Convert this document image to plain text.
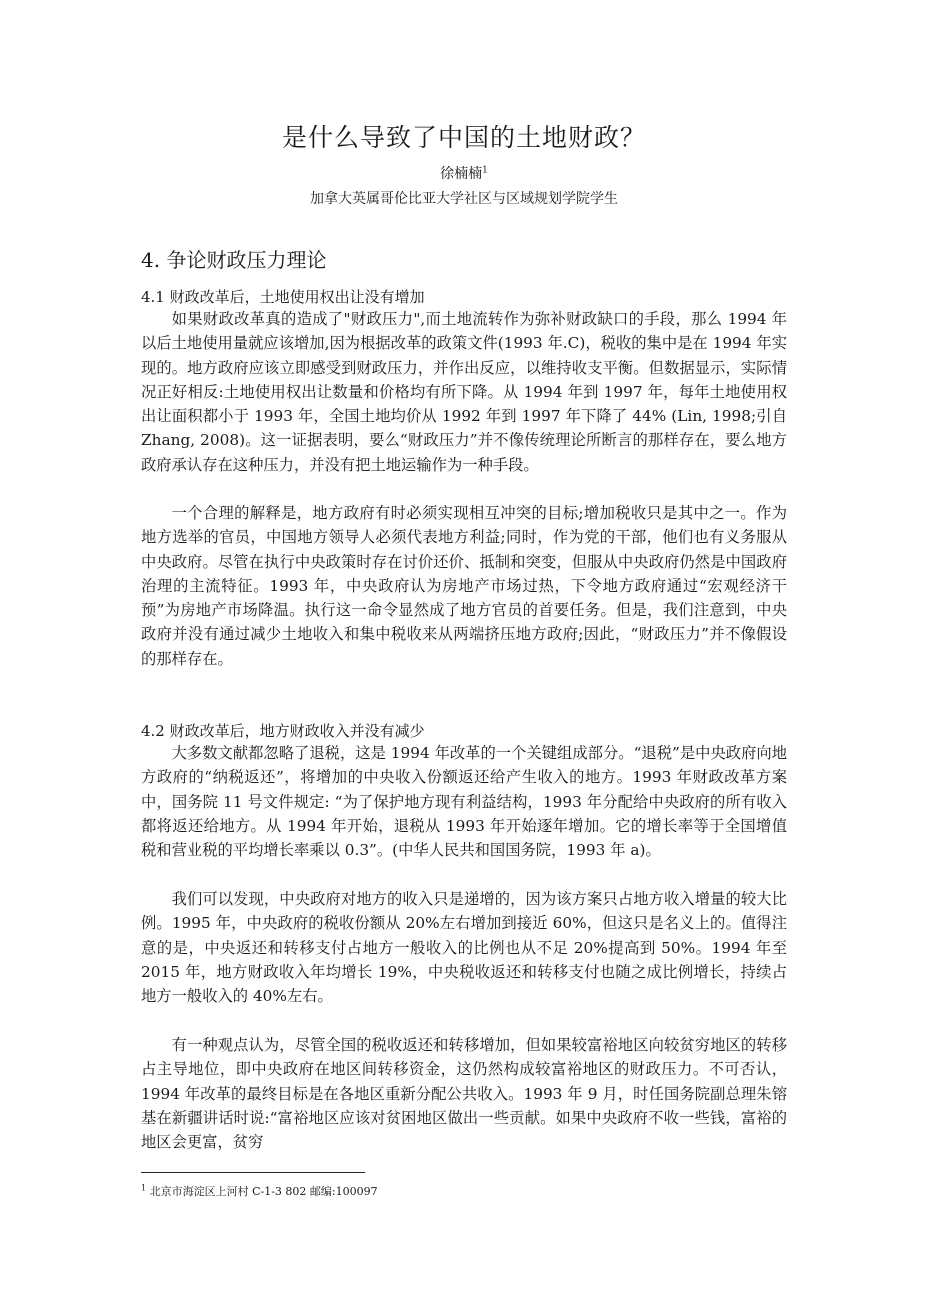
是什么导致了中国的土地财政？
徐楠楠$^1$
加拿大英属哥伦比亚大学社区与区域规划学院学生
4. 争论财政压力理论
4.1 财政改革后，土地使用权出让没有增加

如果财政改革真的造成了"财政压力",而土地流转作为弥补财政缺口的手段，那么 1994 年以后土地使用量就应该增加,因为根据改革的政策文件(1993 年.C)，税收的集中是在 1994 年实现的。地方政府应该立即感受到财政压力，并作出反应，以维持收支平衡。但数据显示，实际情况正好相反:土地使用权出让数量和价格均有所下降。从 1994 年到 1997 年，每年土地使用权出让面积都小于 1993 年，全国土地均价从 1992 年到 1997 年下降了 44% (Lin, 1998;引自 Zhang, 2008)。这一证据表明，要么“财政压力”并不像传统理论所断言的那样存在，要么地方政府承认存在这种压力，并没有把土地运输作为一种手段。

一个合理的解释是，地方政府有时必须实现相互冲突的目标;增加税收只是其中之一。作为地方选举的官员，中国地方领导人必须代表地方利益;同时，作为党的干部，他们也有义务服从中央政府。尽管在执行中央政策时存在讨价还价、抵制和突变，但服从中央政府仍然是中国政府治理的主流特征。1993 年，中央政府认为房地产市场过热，下令地方政府通过“宏观经济干预”为房地产市场降温。执行这一命令显然成了地方官员的首要任务。但是，我们注意到，中央政府并没有通过减少土地收入和集中税收来从两端挤压地方政府;因此，“财政压力”并不像假设的那样存在。

4.2 财政改革后，地方财政收入并没有减少

大多数文献都忽略了退税，这是 1994 年改革的一个关键组成部分。“退税”是中央政府向地方政府的“纳税返还”，将增加的中央收入份额返还给产生收入的地方。1993 年财政改革方案中，国务院 11 号文件规定: “为了保护地方现有利益结构，1993 年分配给中央政府的所有收入都将返还给地方。从 1994 年开始，退税从 1993 年开始逐年增加。它的增长率等于全国增值税和营业税的平均增长率乘以 0.3”。(中华人民共和国国务院，1993 年 a)。

我们可以发现，中央政府对地方的收入只是递增的，因为该方案只占地方收入增量的较大比例。1995 年，中央政府的税收份额从 20%左右增加到接近 60%，但这只是名义上的。值得注意的是，中央返还和转移支付占地方一般收入的比例也从不足 20%提高到 50%。1994 年至 2015 年，地方财政收入年均增长 19%，中央税收返还和转移支付也随之成比例增长，持续占地方一般收入的 40%左右。

有一种观点认为，尽管全国的税收返还和转移增加，但如果较富裕地区向较贫穷地区的转移占主导地位，即中央政府在地区间转移资金，这仍然构成较富裕地区的财政压力。不可否认，1994 年改革的最终目标是在各地区重新分配公共收入。1993 年 9 月，时任国务院副总理朱镕基在新疆讲话时说:“富裕地区应该对贫困地区做出一些贡献。如果中央政府不收一些钱，富裕的地区会更富，贫穷

$^1$ 北京市海淀区上河村 C-1-3 802 邮编:100097
